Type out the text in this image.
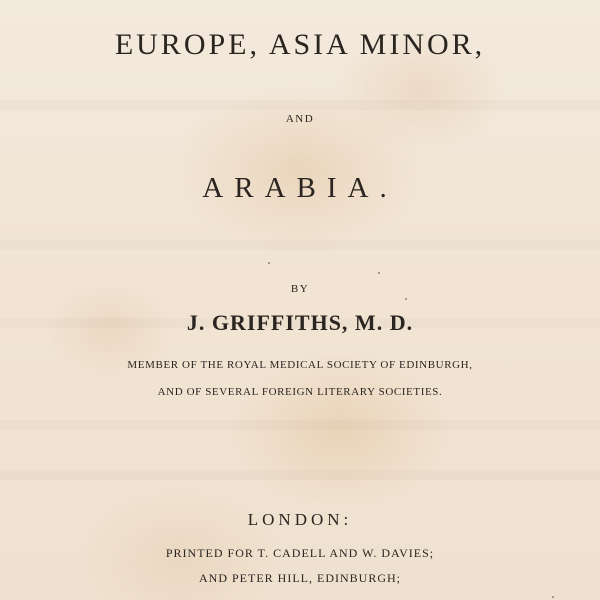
EUROPE, ASIA MINOR,
AND
ARABIA.
BY
J. GRIFFITHS, M. D.
MEMBER OF THE ROYAL MEDICAL SOCIETY OF EDINBURGH,
AND OF SEVERAL FOREIGN LITERARY SOCIETIES.
LONDON:
PRINTED FOR T. CADELL AND W. DAVIES;
AND PETER HILL, EDINBURGH;
